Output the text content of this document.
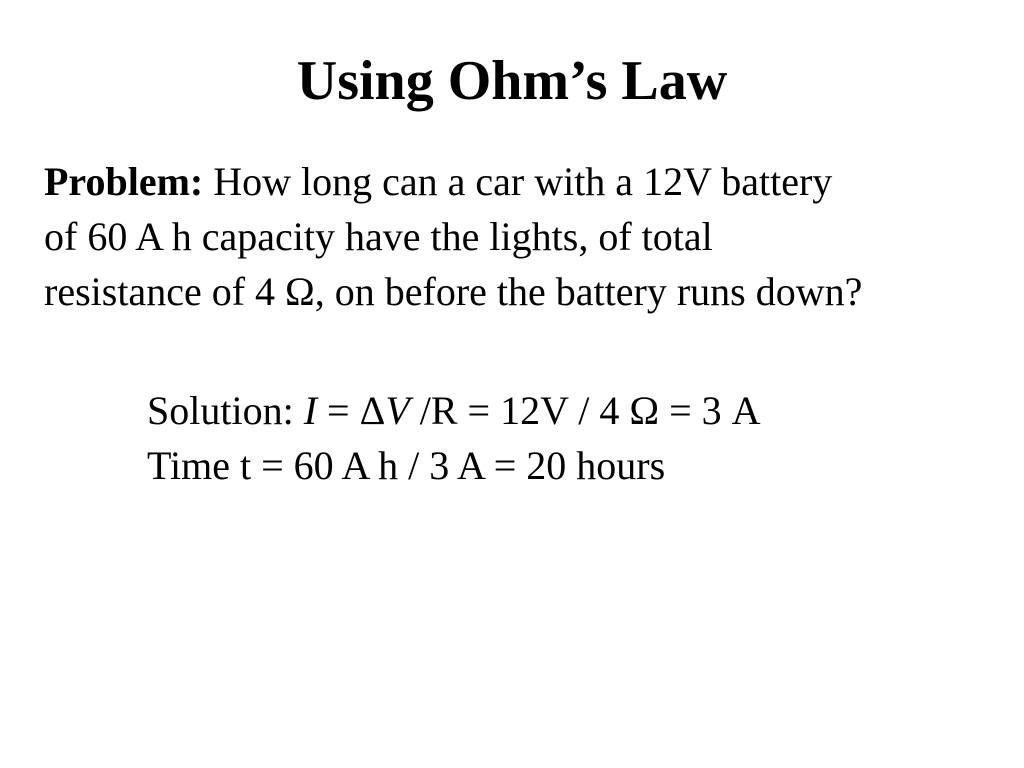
Using Ohm’s Law

Problem: How long can a car with a 12V battery
of 60 A h capacity have the lights, of total
resistance of 4 Ω, on before the battery runs down?

Solution: I = ΔV /R = 12V / 4 Ω = 3 A
Time t = 60 A h / 3 A = 20 hours
